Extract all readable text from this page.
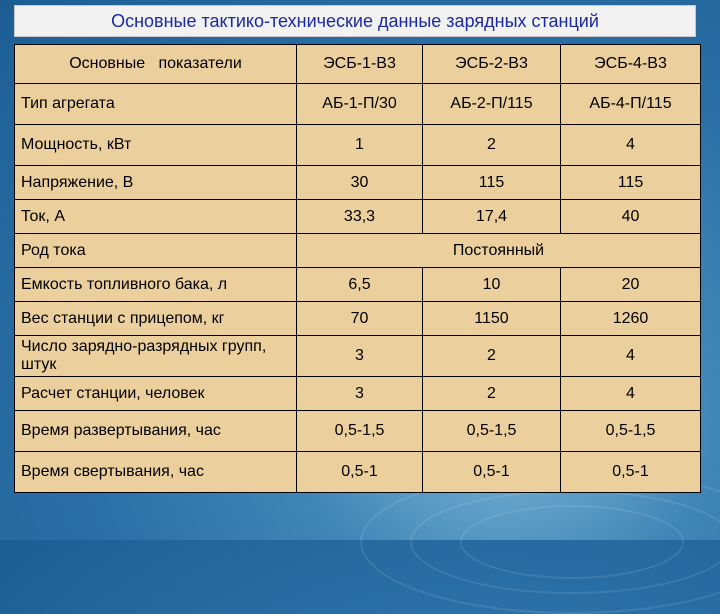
Основные тактико-технические данные зарядных станций
Основные   показатели	ЭСБ-1-В3	ЭСБ-2-В3	ЭСБ-4-В3
Тип агрегата	АБ-1-П/30	АБ-2-П/115	АБ-4-П/115
Мощность, кВт	1	2	4
Напряжение, В	30	115	115
Ток, А	33,3	17,4	40
Род тока	Постоянный		
Емкость топливного бака, л	6,5	10	20
Вес станции с прицепом, кг	70	1150	1260
Число зарядно-разрядных групп,    штук	3	2	4
Расчет станции, человек	3	2	4
Время развертывания, час	0,5-1,5	0,5-1,5	0,5-1,5
Время свертывания, час	0,5-1	0,5-1	0,5-1
